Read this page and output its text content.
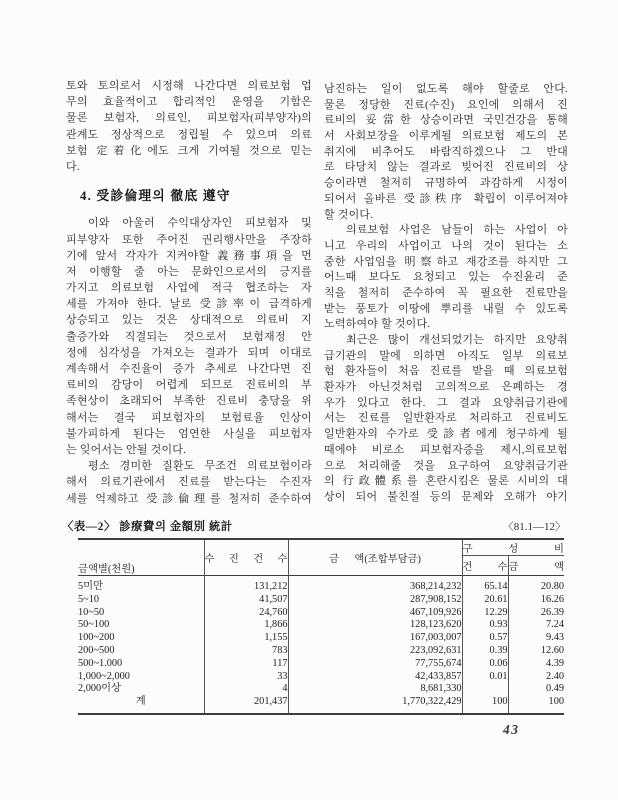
토와 토의로서 시정해 나간다면 의료보험 업
무의 효율적이고 합리적인 운영을 기함은
물론 보험자, 의료인, 피보험자(피부양자)의
관계도 정상적으로 정립될 수 있으며 의료
보험 定着化에도 크게 기여될 것으로 믿는
다.
4. 受診倫理의 徹底 遵守
이와 아울러 수익대상자인 피보험자 및
피부양자 또한 주어진 권리행사만을 주장하
기에 앞서 각자가 지켜야할 義務事項을 먼
저 이행할 줄 아는 문화인으로서의 긍지를
가지고 의료보험 사업에 적극 협조하는 자
세를 가져야 한다. 날로 受診率이 급격하게
상승되고 있는 것은 상대적으로 의료비 지
출증가와 직결되는 것으로서 보험재정 안
정에 심각성을 가져오는 결과가 되며 이대로
계속해서 수진율이 증가 추세로 나간다면 진
료비의 감당이 어렵게 되므로 진료비의 부
족현상이 초래되어 부족한 진료비 충당을 위
해서는 결국 피보험자의 보험료율 인상이
불가피하게 된다는 엄연한 사실을 피보험자
는 잊어서는 안될 것이다.
평소 경미한 질환도 무조건 의료보험이라
해서 의료기관에서 진료를 받는다는 수진자
세를 억제하고 受診倫理를 철저히 준수하여
남진하는 일이 없도록 해야 할줄로 안다.
물론 정당한 진료(수진) 요인에 의해서 진
료비의 妥當한 상승이라면 국민건강을 통해
서 사회보장을 이루게될 의료보험 제도의 본
취지에 비추어도 바람직하겠으나 그 반대
로 타당치 않는 결과로 빚어진 진료비의 상
승이라면 철저히 규명하여 과감하게 시정이
되어서 올바른 受診秩序 확립이 이루어져야
할 것이다.
의료보험 사업은 남들이 하는 사업이 아
니고 우리의 사업이고 나의 것이 된다는 소
중한 사업임을 明察하고 재강조를 하지만 그
어느때 보다도 요청되고 있는 수진윤리 준
칙을 철저히 준수하여 꼭 필요한 진료만을
받는 풍토가 이땅에 뿌리를 내릴 수 있도록
노력하여야 할 것이다.
최근은 많이 개선되었기는 하지만 요양취
급기관의 말에 의하면 아직도 일부 의료보
험 환자들이 처음 진료를 받을 때 의료보험
환자가 아닌것처럼 고의적으로 은폐하는 경
우가 있다고 한다. 그 결과 요양취급기관에
서는 진료를 일반환자로 처리하고 진료비도
일반환자의 수가로 受診者에게 청구하게 될
때에야 비로소 피보험자증을 제시,의료보험
으로 처리해줄 것을 요구하여 요양취급기관
의 行政體系를 혼란시킴은 물론 시비의 대
상이 되어 불친절 등의 문제와 오해가 야기
〈表—2〉 診療費의 金額別 統計	〈81.1—12〉
금액별(천원)	수 진 건 수	금      액(조합부담금)	구 성 비	
			건 수	금 액
5미만	131,212	368,214,232	65.14	20.80
5~10	41,507	287,908,152	20.61	16.26
10~50	24,760	467,109,926	12.29	26.39
50~100	1,866	128,123,620	0.93	7.24
100~200	1,155	167,003,007	0.57	9.43
200~500	783	223,092,631	0.39	12.60
500~1.000	117	77,755,674	0.06	4.39
1,000~2,000	33	42,433,857	0.01	2.40
2,000이상	4	8,681,330		0.49
계	201,437	1,770,322,429	100	100
43
